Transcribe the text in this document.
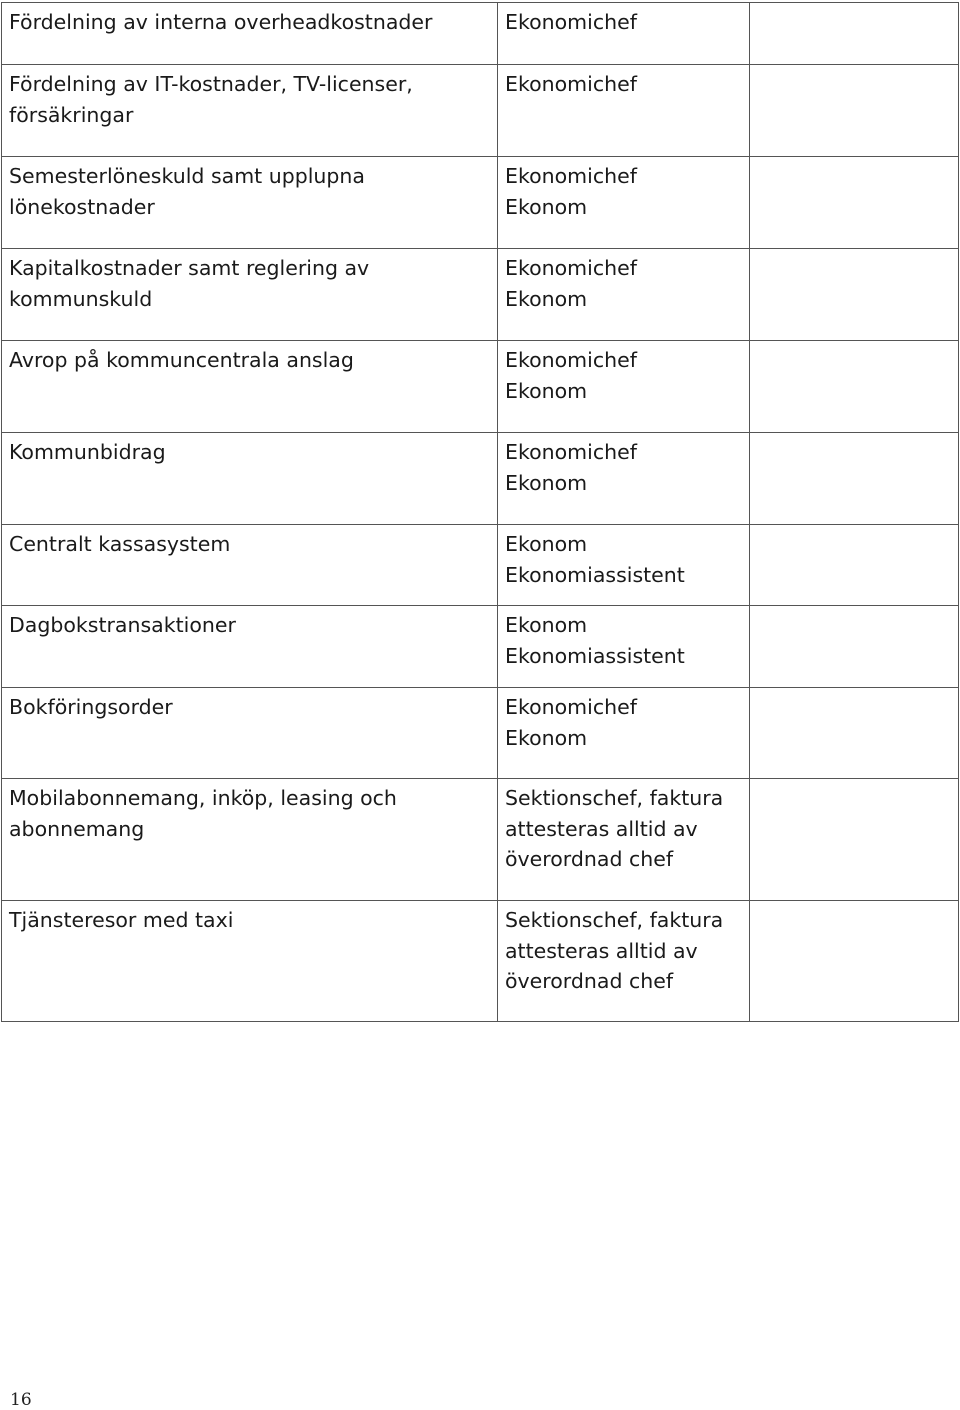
Fördelning av interna overheadkostnader	Ekonomichef	
Fördelning av IT-kostnader, TV-licenser,
försäkringar	Ekonomichef	
Semesterlöneskuld samt upplupna
lönekostnader	Ekonomichef
Ekonom	
Kapitalkostnader samt reglering av
kommunskuld	Ekonomichef
Ekonom	
Avrop på kommuncentrala anslag	Ekonomichef
Ekonom	
Kommunbidrag	Ekonomichef
Ekonom	
Centralt kassasystem	Ekonom
Ekonomiassistent	
Dagbokstransaktioner	Ekonom
Ekonomiassistent	
Bokföringsorder	Ekonomichef
Ekonom	
Mobilabonnemang, inköp, leasing och
abonnemang	Sektionschef, faktura
attesteras alltid av
överordnad chef	
Tjänsteresor med taxi	Sektionschef, faktura
attesteras alltid av
överordnad chef	
16
